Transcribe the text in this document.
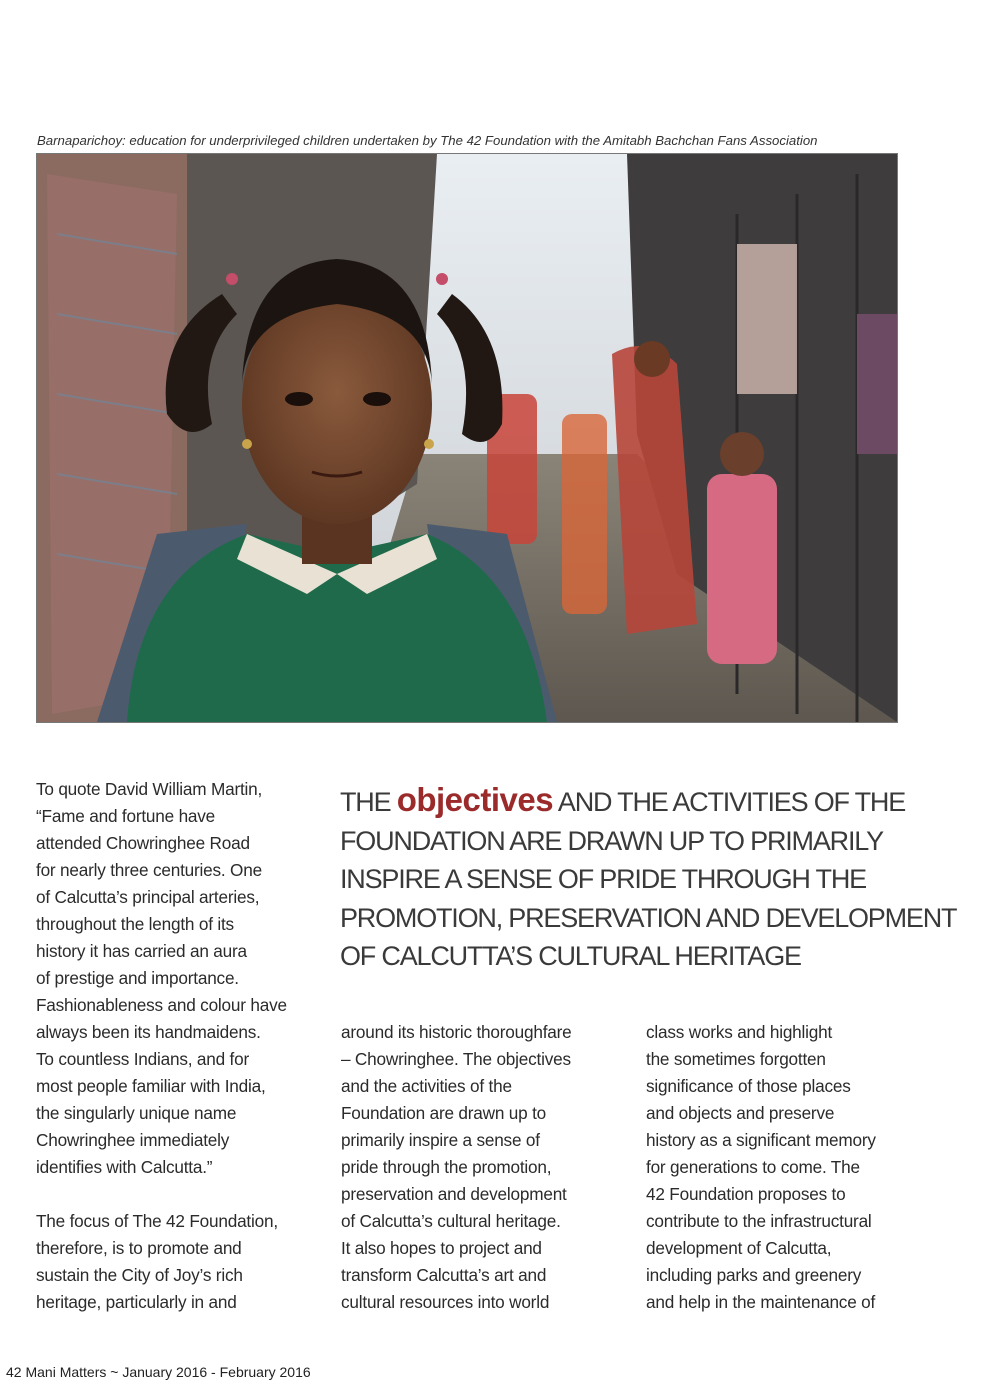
Barnaparichoy: education for underprivileged children undertaken by The 42 Foundation with the Amitabh Bachchan Fans Association

To quote David William Martin,
“Fame and fortune have
attended Chowringhee Road
for nearly three centuries. One
of Calcutta’s principal arteries,
throughout the length of its
history it has carried an aura
of prestige and importance.
Fashionableness and colour have
always been its handmaidens.
To countless Indians, and for
most people familiar with India,
the singularly unique name
Chowringhee immediately
identifies with Calcutta.”

The focus of The 42 Foundation,
therefore, is to promote and
sustain the City of Joy’s rich
heritage, particularly in and

THE objectives AND THE ACTIVITIES OF THE
FOUNDATION ARE DRAWN UP TO PRIMARILY
INSPIRE A SENSE OF PRIDE THROUGH THE
PROMOTION, PRESERVATION AND DEVELOPMENT
OF CALCUTTA’S CULTURAL HERITAGE

around its historic thoroughfare
– Chowringhee. The objectives
and the activities of the
Foundation are drawn up to
primarily inspire a sense of
pride through the promotion,
preservation and development
of Calcutta’s cultural heritage.
It also hopes to project and
transform Calcutta’s art and
cultural resources into world

class works and highlight
the sometimes forgotten
significance of those places
and objects and preserve
history as a significant memory
for generations to come. The
42 Foundation proposes to
contribute to the infrastructural
development of Calcutta,
including parks and greenery
and help in the maintenance of

42 Mani Matters ~ January 2016 - February 2016
